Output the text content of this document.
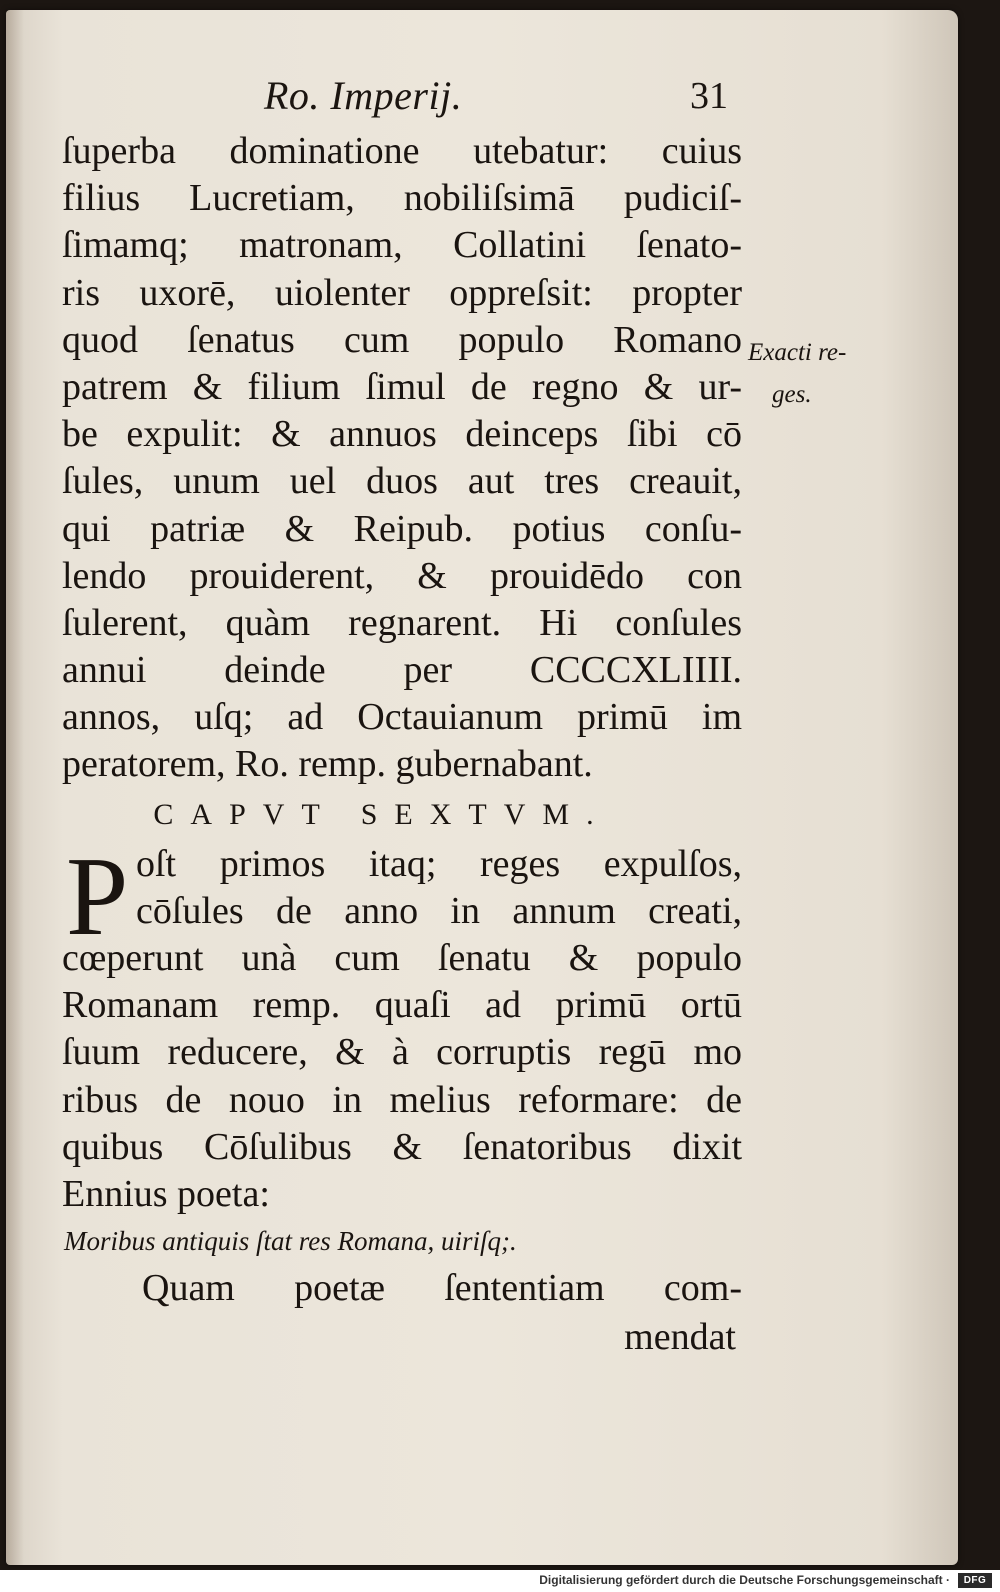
Ro. Imperij.	31
ſuperba dominatione utebatur: cuius
filius Lucretiam, nobiliſsimā pudiciſ-
ſimamq; matronam, Collatini ſenato-
ris uxorē, uiolenter oppreſsit: propter
quod ſenatus cum populo Romano
patrem & filium ſimul de regno & ur-
be expulit: & annuos deinceps ſibi cō
ſules, unum uel duos aut tres creauit,
qui patriæ & Reipub. potius conſu-
lendo prouiderent, & prouidēdo con
ſulerent, quàm regnarent. Hi conſules
annui deinde per CCCCXLIIII.
annos, uſq; ad Octauianum primū im
peratorem, Ro. remp. gubernabant.
CAPVT SEXTVM.
P oſt primos itaq; reges expulſos,
cōſules de anno in annum creati,
cœperunt unà cum ſenatu & populo
Romanam remp. quaſi ad primū ortū
ſuum reducere, & à corruptis regū mo
ribus de nouo in melius reformare: de
quibus Cōſulibus & ſenatoribus dixit
Ennius poeta:
Moribus antiquis ſtat res Romana, uiriſq;.
Quam poetæ ſententiam com-
mendat
Exacti re-
ges.
Digitalisierung gefördert durch die Deutsche Forschungsgemeinschaft ·	DFG
